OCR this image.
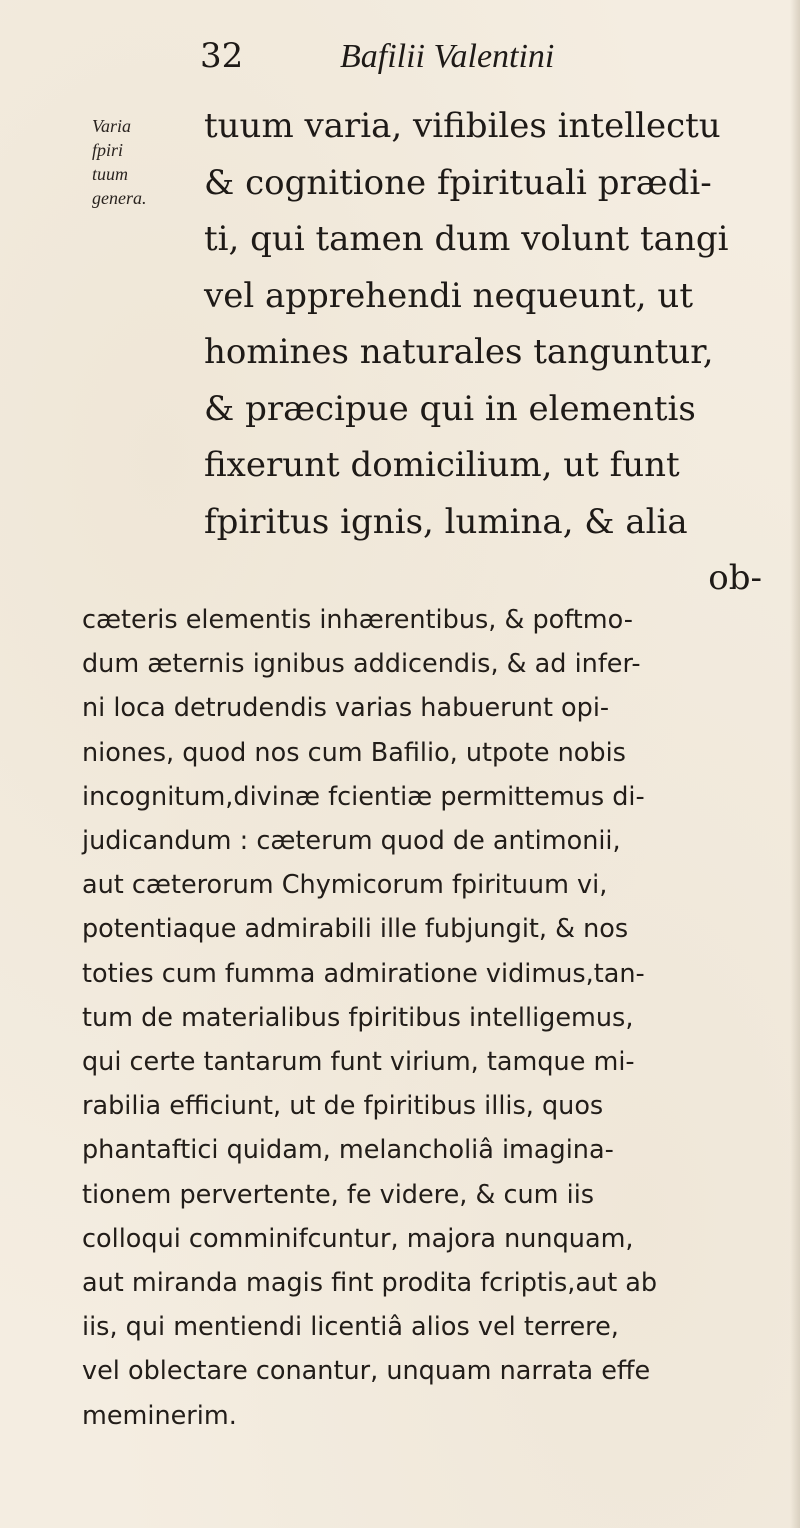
32	Bafilii Valentini
Varia
fpiri
tuum
genera.
tuum varia, vifibiles intellectu
& cognitione fpirituali prædi-
ti, qui tamen dum volunt tangi
vel apprehendi nequeunt, ut
homines naturales tanguntur,
& præcipue qui in elementis
fixerunt domicilium, ut funt
fpiritus ignis, lumina, & alia
ob-
cæteris elementis inhærentibus, & poftmo-
dum æternis ignibus addicendis, & ad infer-
ni loca detrudendis varias habuerunt opi-
niones, quod nos cum Bafilio, utpote nobis
incognitum,divinæ fcientiæ permittemus di-
judicandum : cæterum quod de antimonii,
aut cæterorum Chymicorum fpirituum vi,
potentiaque admirabili ille fubjungit, & nos
toties cum fumma admiratione vidimus,tan-
tum de materialibus fpiritibus intelligemus,
qui certe tantarum funt virium, tamque mi-
rabilia efficiunt, ut de fpiritibus illis, quos
phantaftici quidam, melancholiâ imagina-
tionem pervertente, fe videre, & cum iis
colloqui comminifcuntur, majora nunquam,
aut miranda magis fint prodita fcriptis,aut ab
iis, qui mentiendi licentiâ alios vel terrere,
vel oblectare conantur, unquam narrata effe
meminerim.
